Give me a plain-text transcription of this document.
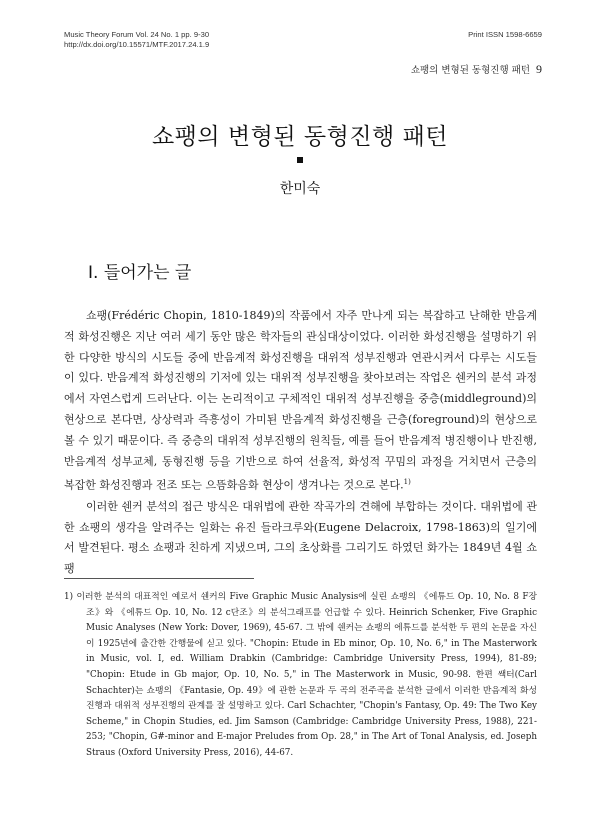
Music Theory Forum Vol. 24 No. 1 pp. 9-30
http://dx.doi.org/10.15571/MTF.2017.24.1.9
Print ISSN 1598-6659
쇼팽의 변형된 동형진행 패턴 9
쇼팽의 변형된 동형진행 패턴
한미숙
I. 들어가는 글

쇼팽(Frédéric Chopin, 1810-1849)의 작품에서 자주 만나게 되는 복잡하고 난해한 반음계적 화성진행은 지난 여러 세기 동안 많은 학자들의 관심대상이었다. 이러한 화성진행을 설명하기 위한 다양한 방식의 시도들 중에 반음계적 화성진행을 대위적 성부진행과 연관시켜서 다루는 시도들이 있다. 반음계적 화성진행의 기저에 있는 대위적 성부진행을 찾아보려는 작업은 쉔커의 분석 과정에서 자연스럽게 드러난다. 이는 논리적이고 구체적인 대위적 성부진행을 중층(middleground)의 현상으로 본다면, 상상력과 즉흥성이 가미된 반음계적 화성진행을 근층(foreground)의 현상으로 볼 수 있기 때문이다. 즉 중층의 대위적 성부진행의 원칙들, 예를 들어 반음계적 병진행이나 반진행, 반음계적 성부교체, 동형진행 등을 기반으로 하여 선율적, 화성적 꾸밈의 과정을 거치면서 근층의 복잡한 화성진행과 전조 또는 으뜸화음화 현상이 생겨나는 것으로 본다.$^{1)}$

이러한 쉔커 분석의 접근 방식은 대위법에 관한 작곡가의 견해에 부합하는 것이다. 대위법에 관한 쇼팽의 생각을 알려주는 일화는 유진 들라크루와(Eugene Delacroix, 1798-1863)의 일기에서 발견된다. 평소 쇼팽과 친하게 지냈으며, 그의 초상화를 그리기도 하였던 화가는 1849년 4월 쇼팽

1) 이러한 분석의 대표적인 예로서 쉔커의 Five Graphic Music Analysis에 실린 쇼팽의 《에튜드 Op. 10, No. 8 F장조》와 《에튜드 Op. 10, No. 12 c단조》의 분석그래프를 언급할 수 있다. Heinrich Schenker, Five Graphic Music Analyses (New York: Dover, 1969), 45-67. 그 밖에 쉔커는 쇼팽의 에튜드를 분석한 두 편의 논문을 자신이 1925년에 출간한 간행물에 싣고 있다. "Chopin: Etude in Eb minor, Op. 10, No. 6," in The Masterwork in Music, vol. I, ed. William Drabkin (Cambridge: Cambridge University Press, 1994), 81-89; "Chopin: Etude in Gb major, Op. 10, No. 5," in The Masterwork in Music, 90-98. 한편 쌕터(Carl Schachter)는 쇼팽의 《Fantasie, Op. 49》에 관한 논문과 두 곡의 전주곡을 분석한 글에서 이러한 반음계적 화성진행과 대위적 성부진행의 관계를 잘 설명하고 있다. Carl Schachter, "Chopin's Fantasy, Op. 49: The Two Key Scheme," in Chopin Studies, ed. Jim Samson (Cambridge: Cambridge University Press, 1988), 221-253; "Chopin, G#-minor and E-major Preludes from Op. 28," in The Art of Tonal Analysis, ed. Joseph Straus (Oxford University Press, 2016), 44-67.
